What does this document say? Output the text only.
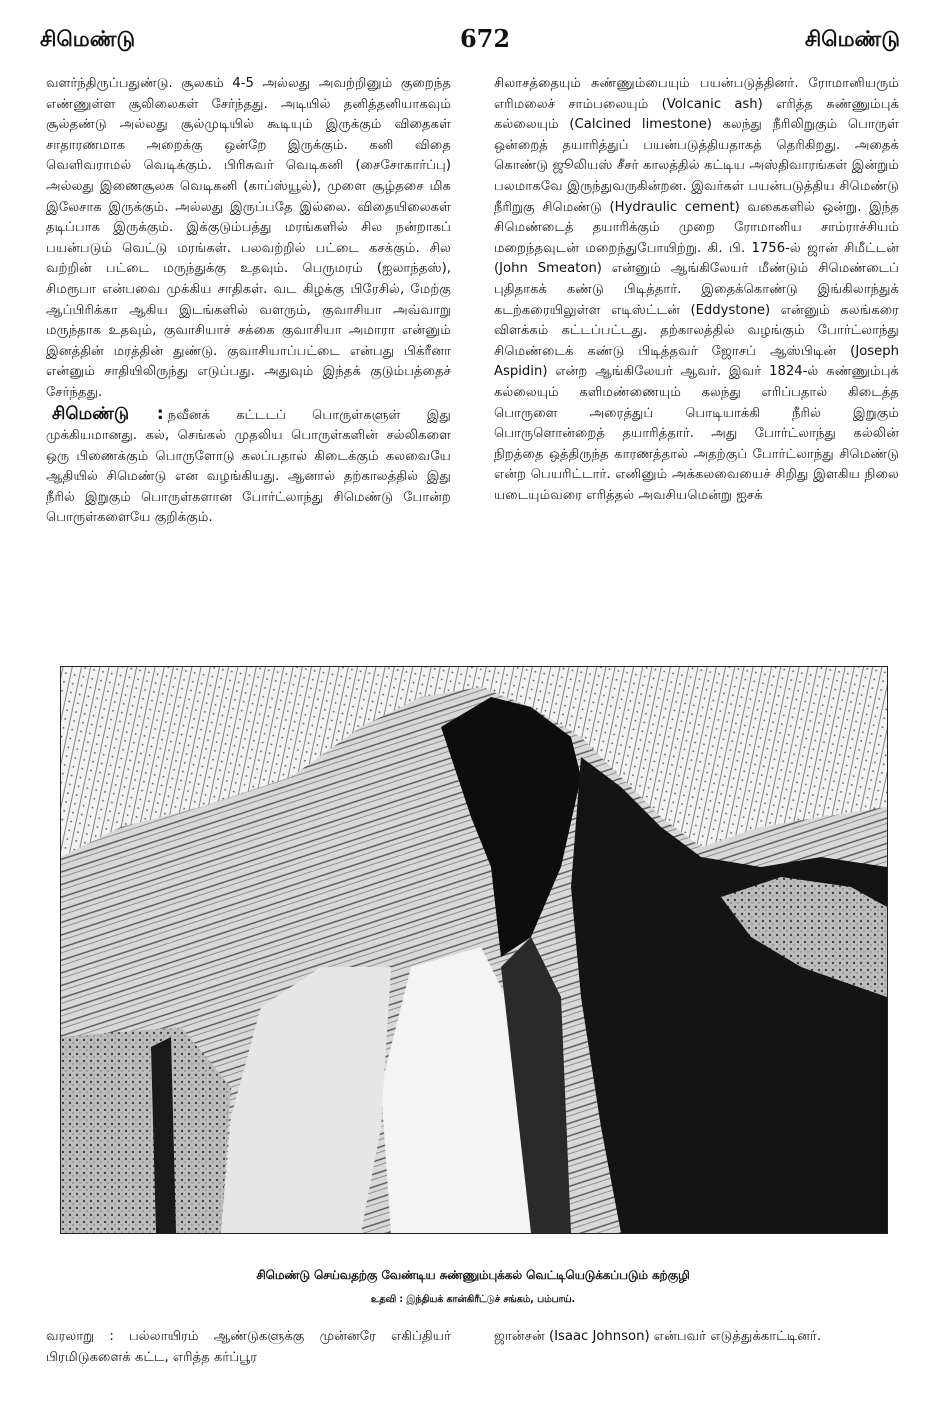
சிமெண்டு	672	சிமெண்டு

வளர்ந்திருப்பதுண்டு. சூலகம் 4-5 அல்லது அவற்றினும் குறைந்த எண்ணுள்ள சூலிலைகள் சேர்ந்தது. அடியில் தனித்தனியாகவும் சூல்தண்டு அல்லது சூல்முடியில் கூடியும் இருக்கும் விதைகள் சாதாரணமாக அறைக்கு ஒன்றே இருக்கும். கனி விதை வெளிவராமல் வெடிக்கும். பிரிசுவர் வெடிகனி (சைசோகார்ப்பு) அல்லது இணைசூலக வெடிகனி (காப்ஸ்யூல்), முளை சூழ்தசை மிக இலேசாக இருக்கும். அல்லது இருப்பதே இல்லை. விதையிலைகள் தடிப்பாக இருக்கும். இக்குடும்பத்து மரங்களில் சில நன்றாகப் பயன்படும் வெட்டு மரங்கள். பலவற்றில் பட்டை கசக்கும். சில வற்றின் பட்டை மருந்துக்கு உதவும். பெருமரம் (ஐலாந்தஸ்), சிமரூபா என்பவை முக்கிய சாதிகள். வட கிழக்கு பிரேசில், மேற்கு ஆப்பிரிக்கா ஆகிய இடங்களில் வளரும், குவாசியா அவ்வாறு மருந்தாக உதவும், குவாசியாச் சக்கை குவாசியா அமாரா என்னும் இனத்தின் மரத்தின் துண்டு. குவாசியாப்பட்டை என்பது பிக்ரீனா என்னும் சாதியிலிருந்து எடுப்பது. அதுவும் இந்தக் குடும்பத்தைச் சேர்ந்தது.

சிமெண்டு : நவீனக் கட்டடப் பொருள்களுள் இது முக்கியமானது. கல், செங்கல் முதலிய பொருள்களின் சல்லிகளை ஒரு பிணைக்கும் பொருளோடு கலப்பதால் கிடைக்கும் கலவையே ஆதியில் சிமெண்டு என வழங்கியது. ஆனால் தற்காலத்தில் இது நீரில் இறுகும் பொருள்களான போர்ட்லாந்து சிமெண்டு போன்ற பொருள்களையே குறிக்கும்.

சிலாசத்தையும் சுண்ணும்பையும் பயன்படுத்தினர். ரோமானியரும் எரிமலைச் சாம்பலையும் (Volcanic ash) எரித்த சுண்ணும்புக் கல்லையும் (Calcined limestone) கலந்து நீரிலிறுகும் பொருள் ஒன்றைத் தயாரித்துப் பயன்படுத்தியதாகத் தெரிகிறது. அதைக் கொண்டு ஜூலியஸ் சீசர் காலத்தில் கட்டிய அஸ்திவாரங்கள் இன்றும் பலமாகவே இருந்துவருகின்றன. இவர்கள் பயன்படுத்திய சிமெண்டு நீரிறுகு சிமெண்டு (Hydraulic cement) வகைகளில் ஒன்று. இந்த சிமெண்டைத் தயாரிக்கும் முறை ரோமானிய சாம்ராச்சியம் மறைந்தவுடன் மறைந்துபோயிற்று. கி. பி. 1756-ல் ஜான் சிமீட்டன் (John Smeaton) என்னும் ஆங்கிலேயர் மீண்டும் சிமெண்டைப் புதிதாகக் கண்டு பிடித்தார். இதைக்கொண்டு இங்கிலாந்துக் கடற்கரையிலுள்ள எடிஸ்ட்டன் (Eddystone) என்னும் கலங்கரை விளக்கம் கட்டப்பட்டது. தற்காலத்தில் வழங்கும் போர்ட்லாந்து சிமெண்டைக் கண்டு பிடித்தவர் ஜோசப் ஆஸ்பிடின் (Joseph Aspidin) என்ற ஆங்கிலேயர் ஆவர். இவர் 1824-ல் சுண்ணும்புக் கல்லையும் களிமண்ணையும் கலந்து எரிப்பதால் கிடைத்த பொருளை அரைத்துப் பொடியாக்கி நீரில் இறுகும் பொருளொன்றைத் தயாரித்தார். அது போர்ட்லாந்து கல்லின் நிறத்தை ஒத்திருந்த காரணத்தால் அதற்குப் போர்ட்லாந்து சிமெண்டு என்ற பெயரிட்டார். எனினும் அக்கலவையைச் சிறிது இளகிய நிலை யடையும்வரை எரித்தல் அவசியமென்று ஐசக்

சிமெண்டு செய்வதற்கு வேண்டிய சுண்ணும்புக்கல் வெட்டியெடுக்கப்படும் கற்குழி
உதவி : இந்தியக் கான்கிரீட்டுச் சங்கம், பம்பாய்.

வரலாறு : பல்லாயிரம் ஆண்டுகளுக்கு முன்னரே எகிப்தியர் பிரமிடுகளைக் கட்ட, எரித்த கர்ப்பூர

ஜான்சன் (Isaac Johnson) என்பவர் எடுத்துக்காட்டினர்.
